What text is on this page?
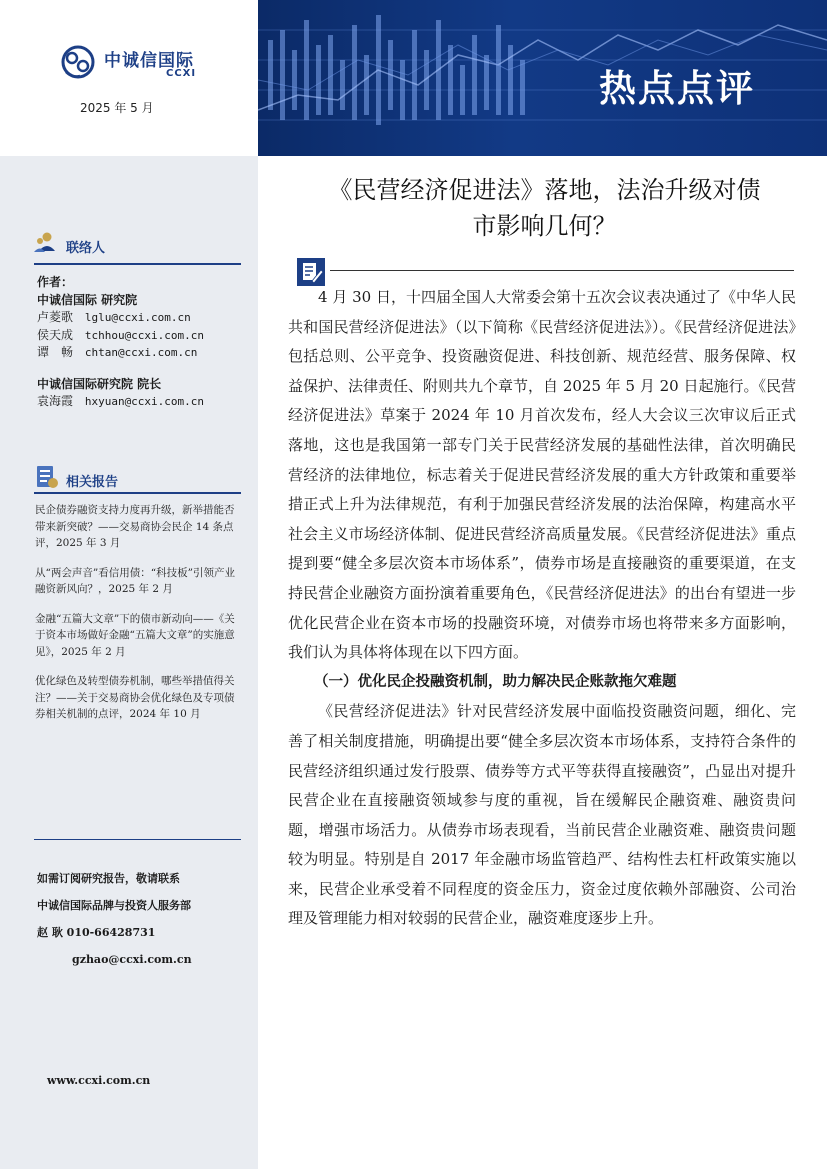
中诚信国际
CCXI
2025 年 5 月	热点点评
联络人
作者：
中诚信国际 研究院
卢菱歌 lglu@ccxi.com.cn
侯天成 tchhou@ccxi.com.cn
谭　畅 chtan@ccxi.com.cn
中诚信国际研究院 院长
袁海霞 hxyuan@ccxi.com.cn
相关报告
民企债券融资支持力度再升级，新举措能否带来新突破？——交易商协会民企 14 条点评，2025 年 3 月
从“两会声音”看信用债：“科技板”引领产业融资新风向？，2025 年 2 月
金融“五篇大文章”下的债市新动向——《关于资本市场做好金融“五篇大文章”的实施意见》，2025 年 2 月
优化绿色及转型债券机制，哪些举措值得关注？——关于交易商协会优化绿色及专项债券相关机制的点评，2024 年 10 月
如需订阅研究报告，敬请联系
中诚信国际品牌与投资人服务部
赵 耿 010-66428731
gzhao@ccxi.com.cn
www.ccxi.com.cn
《民营经济促进法》落地，法治升级对债
市影响几何？

4 月 30 日，十四届全国人大常委会第十五次会议表决通过了《中华人民共和国民营经济促进法》（以下简称《民营经济促进法》）。《民营经济促进法》包括总则、公平竞争、投资融资促进、科技创新、规范经营、服务保障、权益保护、法律责任、附则共九个章节，自 2025 年 5 月 20 日起施行。《民营经济促进法》草案于 2024 年 10 月首次发布，经人大会议三次审议后正式落地，这也是我国第一部专门关于民营经济发展的基础性法律，首次明确民营经济的法律地位，标志着关于促进民营经济发展的重大方针政策和重要举措正式上升为法律规范，有利于加强民营经济发展的法治保障，构建高水平社会主义市场经济体制、促进民营经济高质量发展。《民营经济促进法》重点提到要“健全多层次资本市场体系”，债券市场是直接融资的重要渠道，在支持民营企业融资方面扮演着重要角色，《民营经济促进法》的出台有望进一步优化民营企业在资本市场的投融资环境，对债券市场也将带来多方面影响，我们认为具体将体现在以下四方面。

（一）优化民企投融资机制，助力解决民企账款拖欠难题

《民营经济促进法》针对民营经济发展中面临投资融资问题，细化、完善了相关制度措施，明确提出要“健全多层次资本市场体系，支持符合条件的民营经济组织通过发行股票、债券等方式平等获得直接融资”，凸显出对提升民营企业在直接融资领域参与度的重视，旨在缓解民企融资难、融资贵问题，增强市场活力。从债券市场表现看，当前民营企业融资难、融资贵问题较为明显。特别是自 2017 年金融市场监管趋严、结构性去杠杆政策实施以来，民营企业承受着不同程度的资金压力，资金过度依赖外部融资、公司治理及管理能力相对较弱的民营企业，融资难度逐步上升。
